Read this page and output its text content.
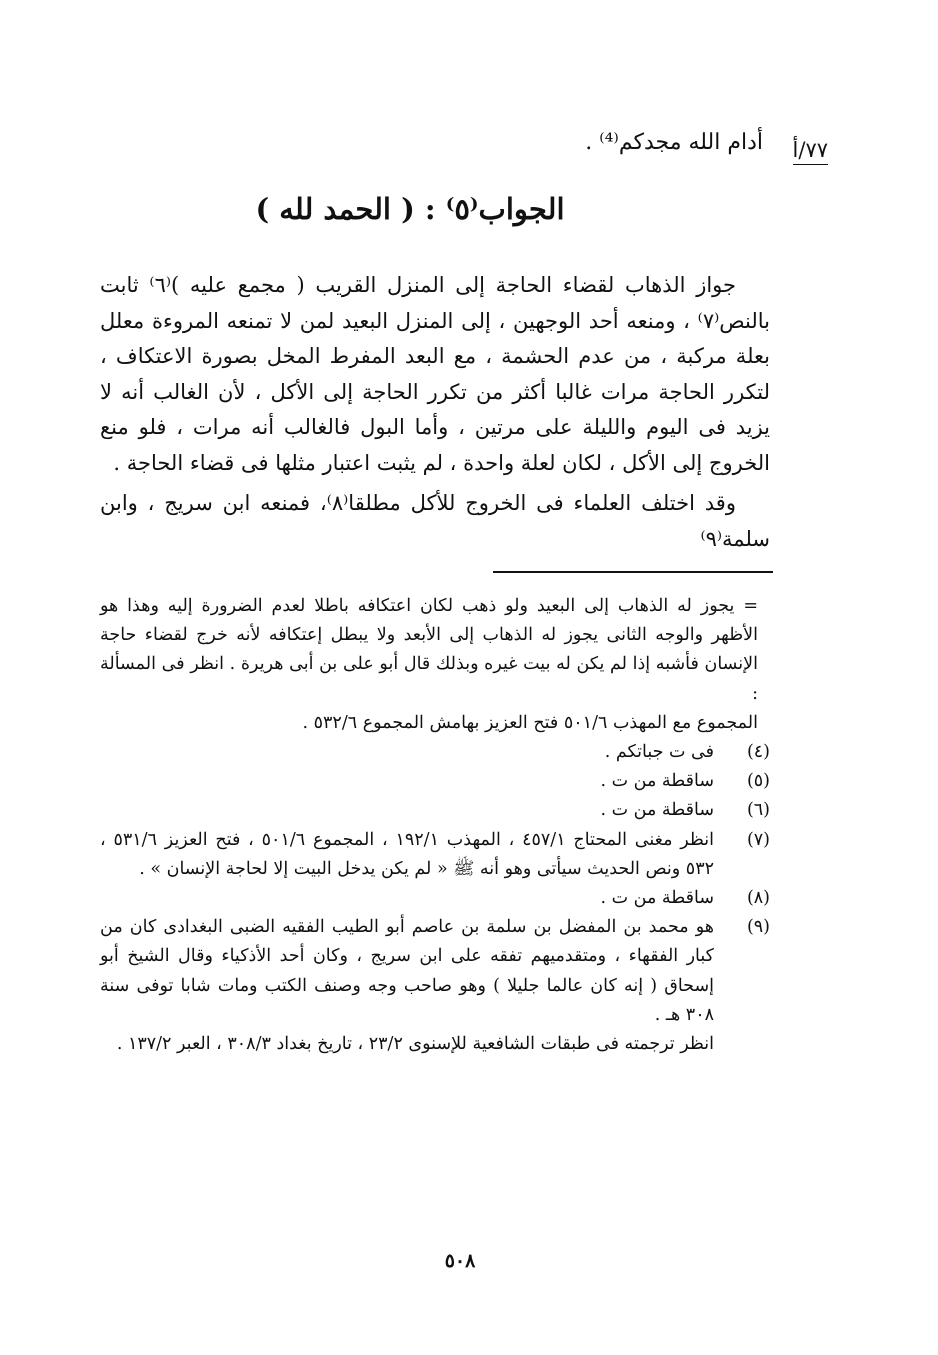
٧٧/أ
أدام الله مجدكم⁽⁴⁾ .
الجواب⁽٥⁾ : ( الحمد لله )

جواز الذهاب لقضاء الحاجة إلى المنزل القريب ( مجمع عليه )⁽٦⁾ ثابت بالنص⁽٧⁾ ، ومنعه أحد الوجهين ، إلى المنزل البعيد لمن لا تمنعه المروءة معلل بعلة مركبة ، من عدم الحشمة ، مع البعد المفرط المخل بصورة الاعتكاف ، لتكرر الحاجة مرات غالبا أكثر من تكرر الحاجة إلى الأكل ، لأن الغالب أنه لا يزيد فى اليوم والليلة على مرتين ، وأما البول فالغالب أنه مرات ، فلو منع الخروج إلى الأكل ، لكان لعلة واحدة ، لم يثبت اعتبار مثلها فى قضاء الحاجة .

وقد اختلف العلماء فى الخروج للأكل مطلقا⁽٨⁾، فمنعه ابن سريج ، وابن سلمة⁽٩⁾

= يجوز له الذهاب إلى البعيد ولو ذهب لكان اعتكافه باطلا لعدم الضرورة إليه وهذا هو الأظهر والوجه الثانى يجوز له الذهاب إلى الأبعد ولا يبطل إعتكافه لأنه خرج لقضاء حاجة الإنسان فأشبه إذا لم يكن له بيت غيره وبذلك قال أبو على بن أبى هريرة . انظر فى المسألة :
المجموع مع المهذب ٥٠١/٦ فتح العزيز بهامش المجموع ٥٣٢/٦ .
(٤)
فى ت جباتكم .
(٥)
ساقطة من ت .
(٦)
ساقطة من ت .
(٧)
انظر مغنى المحتاج ٤٥٧/١ ، المهذب ١٩٢/١ ، المجموع ٥٠١/٦ ، فتح العزيز ٥٣١/٦ ، ٥٣٢ ونص الحديث سيأتى وهو أنه ﷺ « لم يكن يدخل البيت إلا لحاجة الإنسان » .
(٨)
ساقطة من ت .
(٩)
هو محمد بن المفضل بن سلمة بن عاصم أبو الطيب الفقيه الضبى البغدادى كان من كبار الفقهاء ، ومتقدميهم تفقه على ابن سريج ، وكان أحد الأذكياء وقال الشيخ أبو إسحاق ( إنه كان عالما جليلا ) وهو صاحب وجه وصنف الكتب ومات شابا توفى سنة ٣٠٨ هـ .
انظر ترجمته فى طبقات الشافعية للإسنوى ٢٣/٢ ، تاريخ بغداد ٣٠٨/٣ ، العبر ١٣٧/٢ .
٥٠٨
